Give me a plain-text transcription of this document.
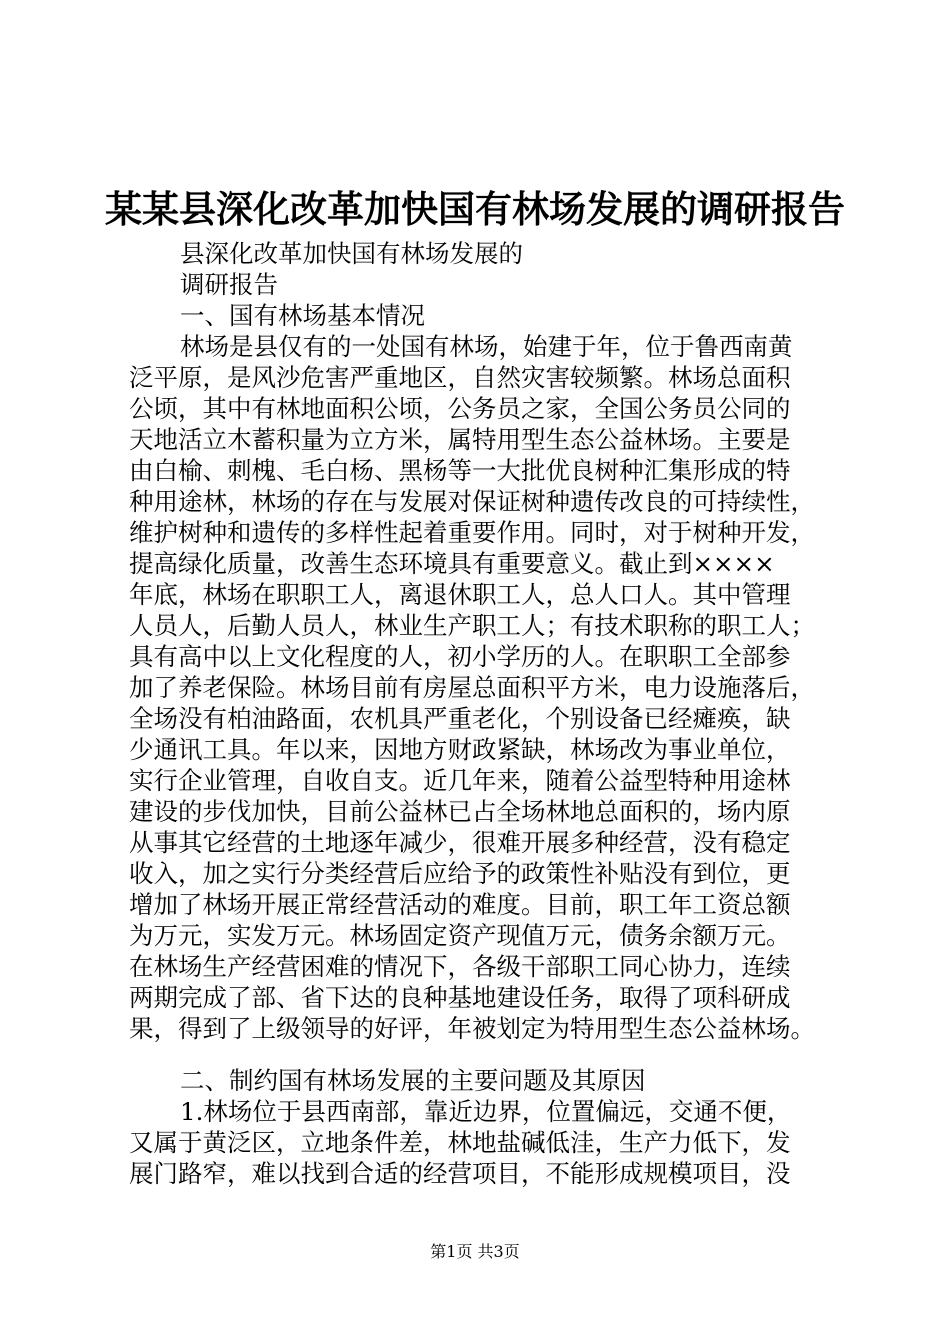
某某县深化改革加快国有林场发展的调研报告
县深化改革加快国有林场发展的
调研报告
一、国有林场基本情况
林场是县仅有的一处国有林场，始建于年，位于鲁西南黄
泛平原，是风沙危害严重地区，自然灾害较频繁。林场总面积
公顷，其中有林地面积公顷，公务员之家，全国公务员公同的
天地活立木蓄积量为立方米，属特用型生态公益林场。主要是
由白榆、刺槐、毛白杨、黑杨等一大批优良树种汇集形成的特
种用途林，林场的存在与发展对保证树种遗传改良的可持续性，
维护树种和遗传的多样性起着重要作用。同时，对于树种开发，
提高绿化质量，改善生态环境具有重要意义。截止到××××
年底，林场在职职工人，离退休职工人，总人口人。其中管理
人员人，后勤人员人，林业生产职工人；有技术职称的职工人；
具有高中以上文化程度的人，初小学历的人。在职职工全部参
加了养老保险。林场目前有房屋总面积平方米，电力设施落后，
全场没有柏油路面，农机具严重老化，个别设备已经瘫痪，缺
少通讯工具。年以来，因地方财政紧缺，林场改为事业单位，
实行企业管理，自收自支。近几年来，随着公益型特种用途林
建设的步伐加快，目前公益林已占全场林地总面积的，场内原
从事其它经营的土地逐年减少，很难开展多种经营，没有稳定
收入，加之实行分类经营后应给予的政策性补贴没有到位，更
增加了林场开展正常经营活动的难度。目前，职工年工资总额
为万元，实发万元。林场固定资产现值万元，债务余额万元。
在林场生产经营困难的情况下，各级干部职工同心协力，连续
两期完成了部、省下达的良种基地建设任务，取得了项科研成
果，得到了上级领导的好评，年被划定为特用型生态公益林场。
二、制约国有林场发展的主要问题及其原因
1.林场位于县西南部，靠近边界，位置偏远，交通不便，
又属于黄泛区，立地条件差，林地盐碱低洼，生产力低下，发
展门路窄，难以找到合适的经营项目，不能形成规模项目，没
第1页 共3页
